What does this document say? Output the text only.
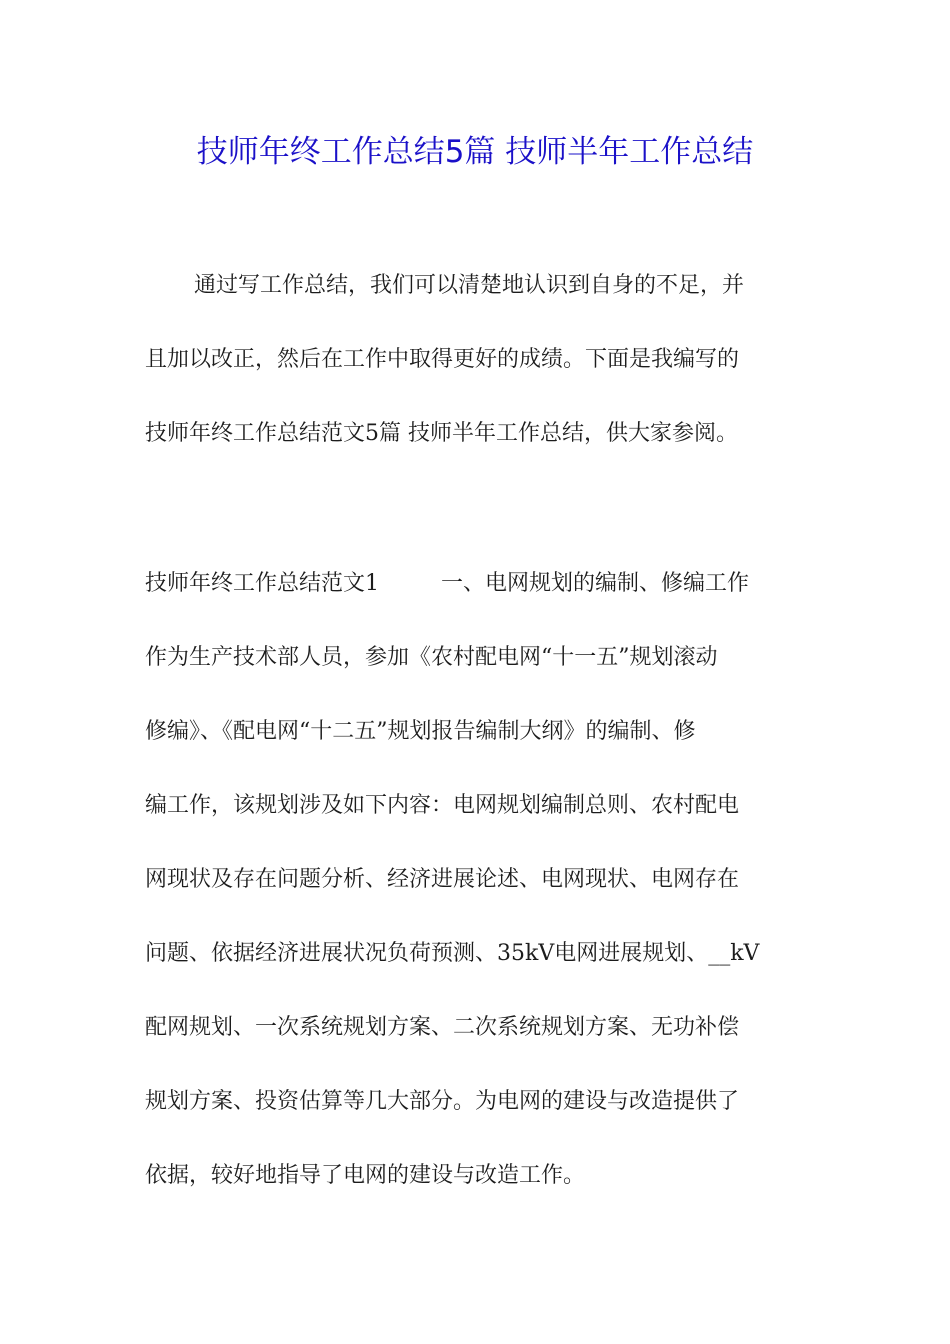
技师年终工作总结5篇 技师半年工作总结
通过写工作总结，我们可以清楚地认识到自身的不足，并
且加以改正，然后在工作中取得更好的成绩。下面是我编写的
技师年终工作总结范文5篇 技师半年工作总结，供大家参阅。
技师年终工作总结范文1	一、电网规划的编制、修编工作
作为生产技术部人员，参加《农村配电网“十一五”规划滚动
修编》、《配电网“十二五”规划报告编制大纲》的编制、修
编工作，该规划涉及如下内容：电网规划编制总则、农村配电
网现状及存在问题分析、经济进展论述、电网现状、电网存在
问题、依据经济进展状况负荷预测、35kV电网进展规划、__kV
配网规划、一次系统规划方案、二次系统规划方案、无功补偿
规划方案、投资估算等几大部分。为电网的建设与改造提供了
依据，较好地指导了电网的建设与改造工作。
